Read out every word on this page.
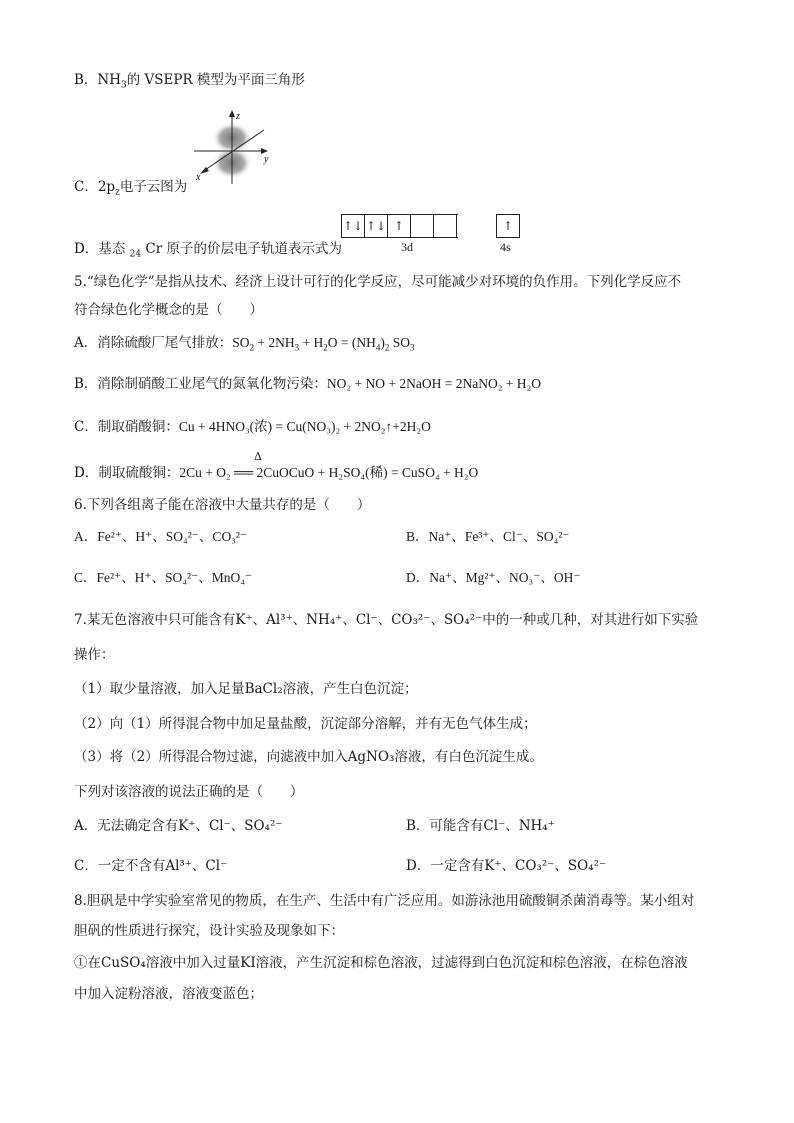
B．$NH_3$的 VSEPR 模型为平面三角形
z
y
x
C．$2p_z$电子云图为
↑↓ ↑↓ ↑	↑
3d	4s
D．基态 $_{24}$ Cr 原子的价层电子轨道表示式为
5.“绿色化学”是指从技术、经济上设计可行的化学反应，尽可能减少对环境的负作用。下列化学反应不
符合绿色化学概念的是（　　）
A．消除硫酸厂尾气排放：$SO_2 + 2NH_3 + H_2O = (NH_4)_2$ $SO_3$
B．消除制硝酸工业尾气的氮氧化物污染：NO₂ + NO + 2NaOH = 2NaNO₂ + H₂O
C．制取硝酸铜：Cu + 4HNO₃(浓) = Cu(NO₃)₂ + 2NO₂↑+2H₂O
Δ
D．制取硫酸铜：2Cu + O₂ ══ 2CuOCuO + H₂SO₄(稀) = CuSO₄ + H₂O
6.下列各组离子能在溶液中大量共存的是（　　）
A．Fe²⁺、H⁺、SO₄²⁻、CO₃²⁻	B．Na⁺、Fe³⁺、Cl⁻、SO₄²⁻
C．Fe²⁺、H⁺、SO₄²⁻、MnO₄⁻	D．Na⁺、Mg²⁺、NO₃⁻、OH⁻
7.某无色溶液中只可能含有K⁺、Al³⁺、NH₄⁺、Cl⁻、CO₃²⁻、SO₄²⁻中的一种或几种，对其进行如下实验
操作：
（1）取少量溶液，加入足量BaCl₂溶液，产生白色沉淀；
（2）向（1）所得混合物中加足量盐酸，沉淀部分溶解，并有无色气体生成；
（3）将（2）所得混合物过滤，向滤液中加入AgNO₃溶液，有白色沉淀生成。
下列对该溶液的说法正确的是（　　）
A．无法确定含有K⁺、Cl⁻、SO₄²⁻	B．可能含有Cl⁻、NH₄⁺
C．一定不含有Al³⁺、Cl⁻	D．一定含有K⁺、CO₃²⁻、SO₄²⁻
8.胆矾是中学实验室常见的物质，在生产、生活中有广泛应用。如游泳池用硫酸铜杀菌消毒等。某小组对
胆矾的性质进行探究，设计实验及现象如下：
①在CuSO₄溶液中加入过量KI溶液，产生沉淀和棕色溶液，过滤得到白色沉淀和棕色溶液，在棕色溶液
中加入淀粉溶液，溶液变蓝色；
